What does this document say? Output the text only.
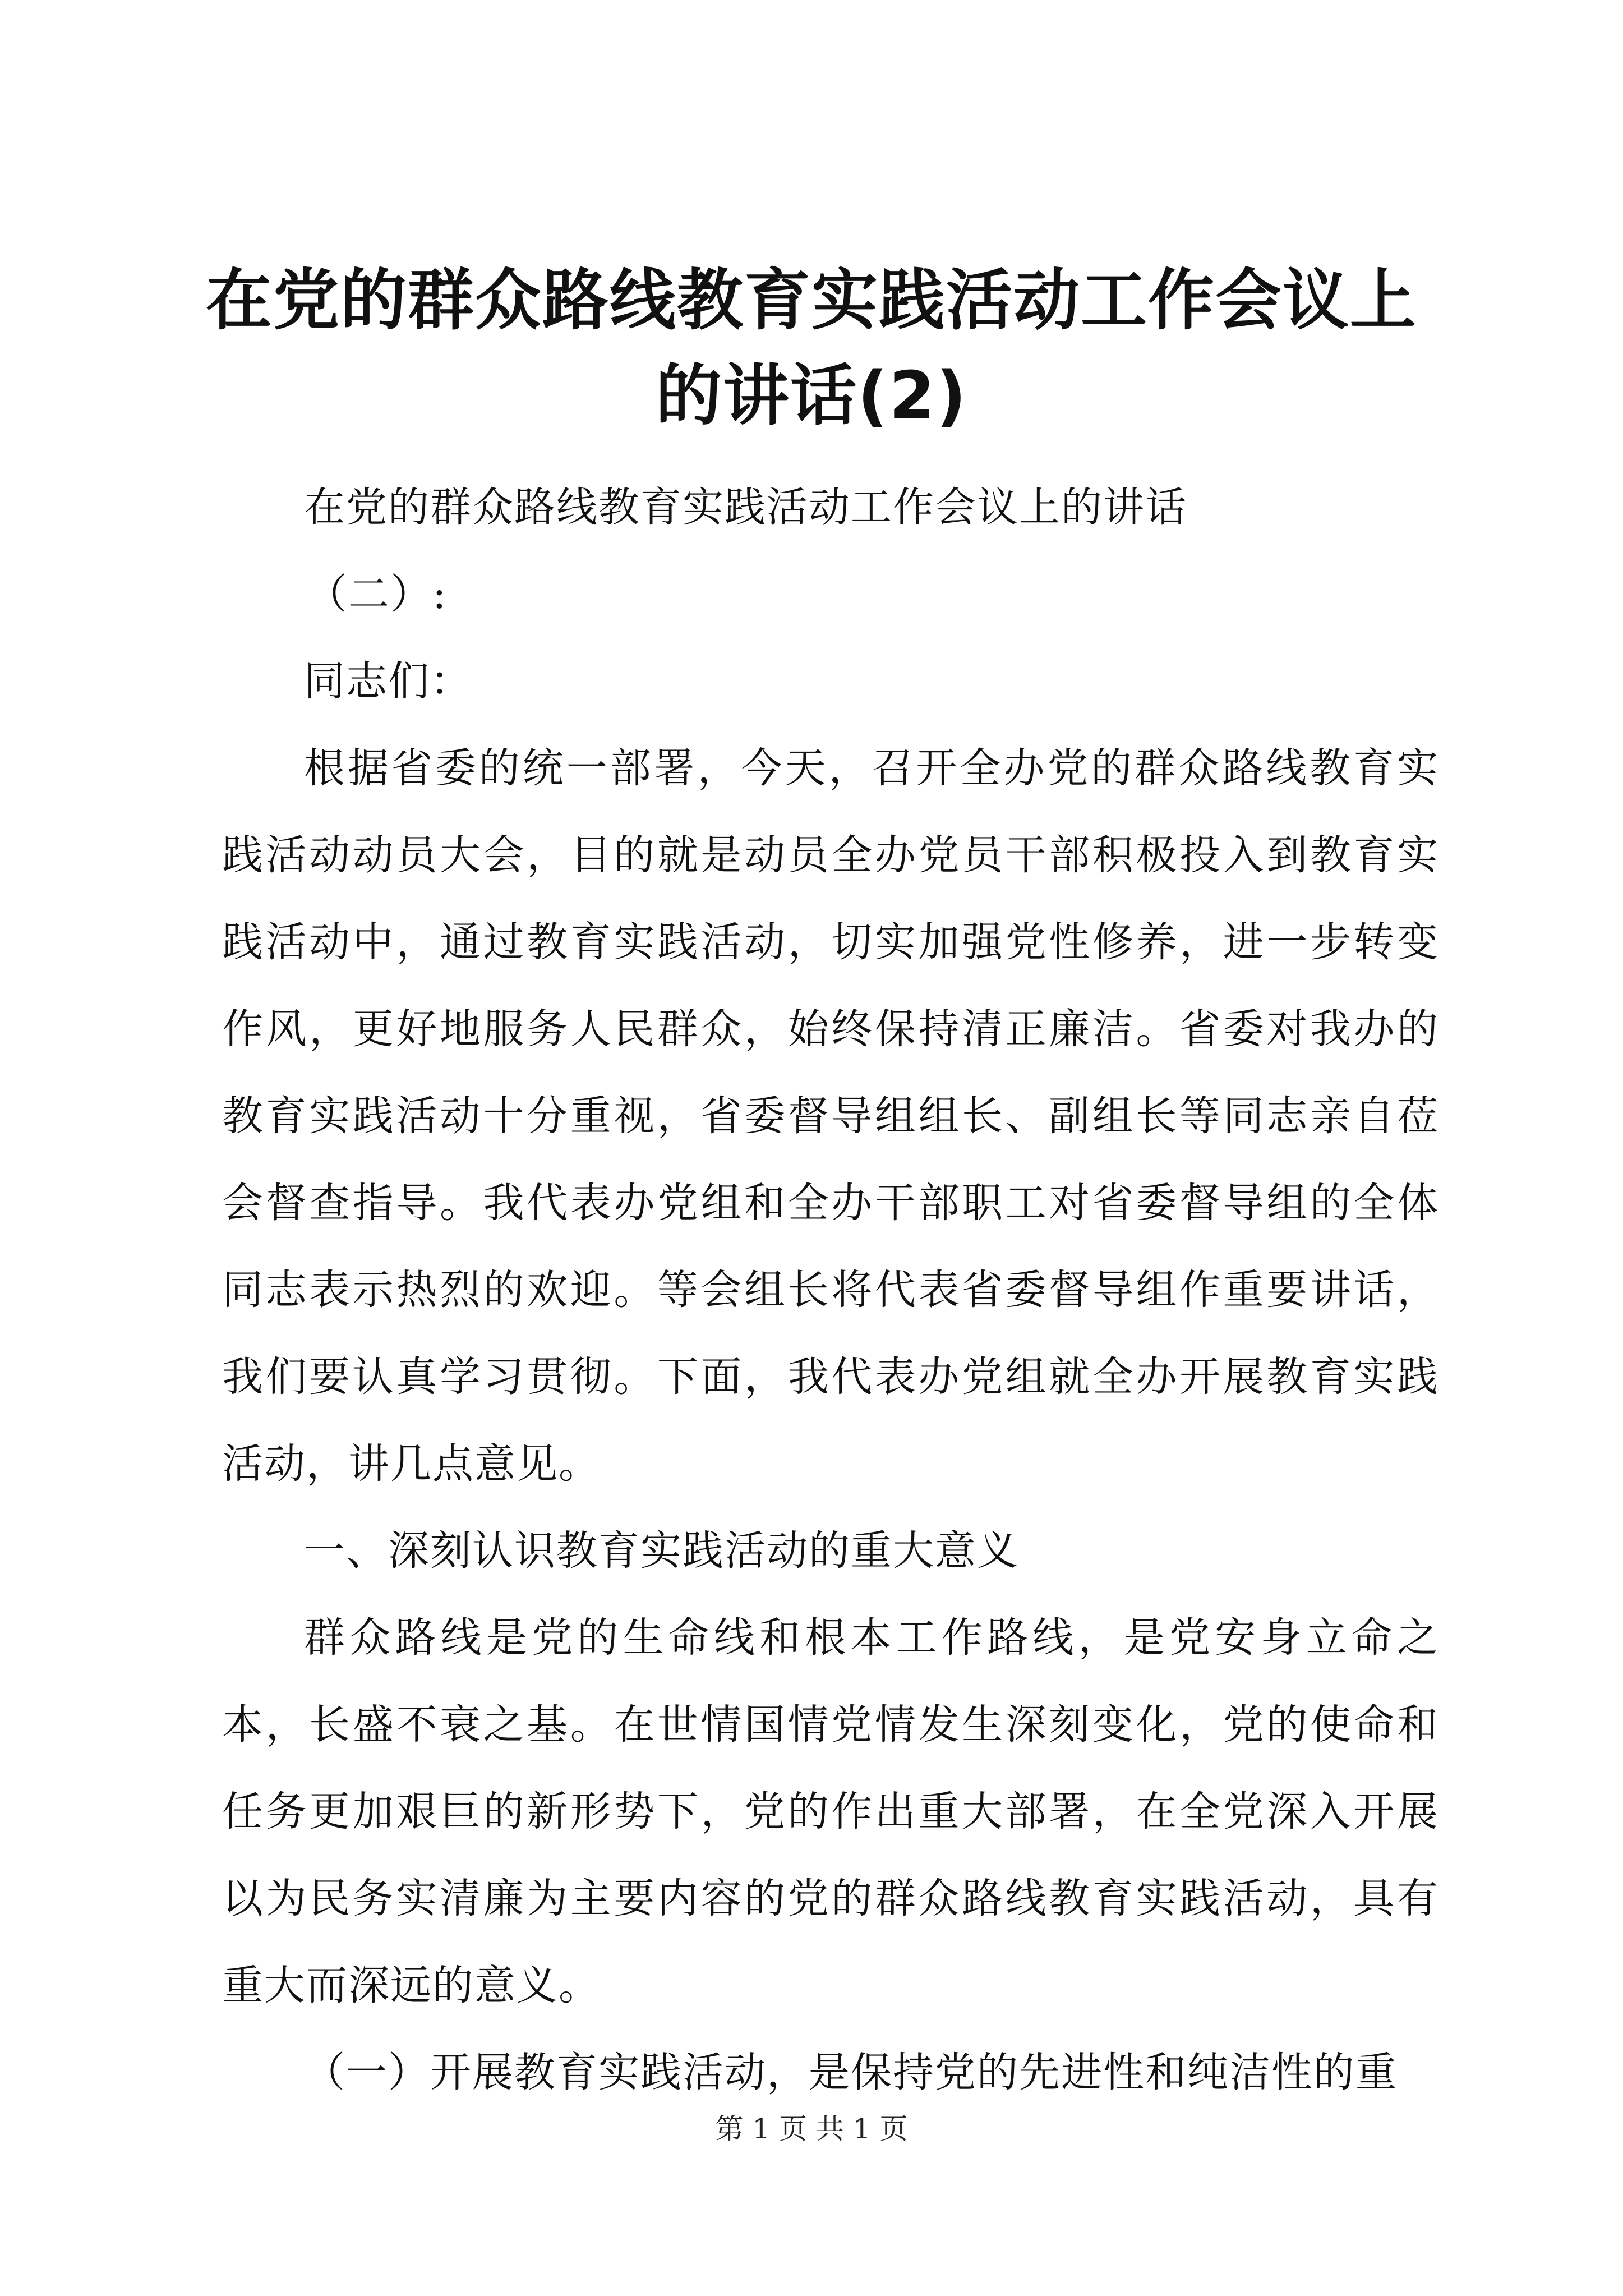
在党的群众路线教育实践活动工作会议上的讲话(2)

在党的群众路线教育实践活动工作会议上的讲话

（二）:

同志们：

根据省委的统一部署，今天，召开全办党的群众路线教育实践活动动员大会，目的就是动员全办党员干部积极投入到教育实践活动中，通过教育实践活动，切实加强党性修养，进一步转变作风，更好地服务人民群众，始终保持清正廉洁。省委对我办的教育实践活动十分重视，省委督导组组长、副组长等同志亲自莅会督查指导。我代表办党组和全办干部职工对省委督导组的全体同志表示热烈的欢迎。等会组长将代表省委督导组作重要讲话，我们要认真学习贯彻。下面，我代表办党组就全办开展教育实践活动，讲几点意见。

一、深刻认识教育实践活动的重大意义

群众路线是党的生命线和根本工作路线，是党安身立命之本，长盛不衰之基。在世情国情党情发生深刻变化，党的使命和任务更加艰巨的新形势下，党的作出重大部署，在全党深入开展以为民务实清廉为主要内容的党的群众路线教育实践活动，具有重大而深远的意义。

（一）开展教育实践活动，是保持党的先进性和纯洁性的重

第 1 页 共 1 页
